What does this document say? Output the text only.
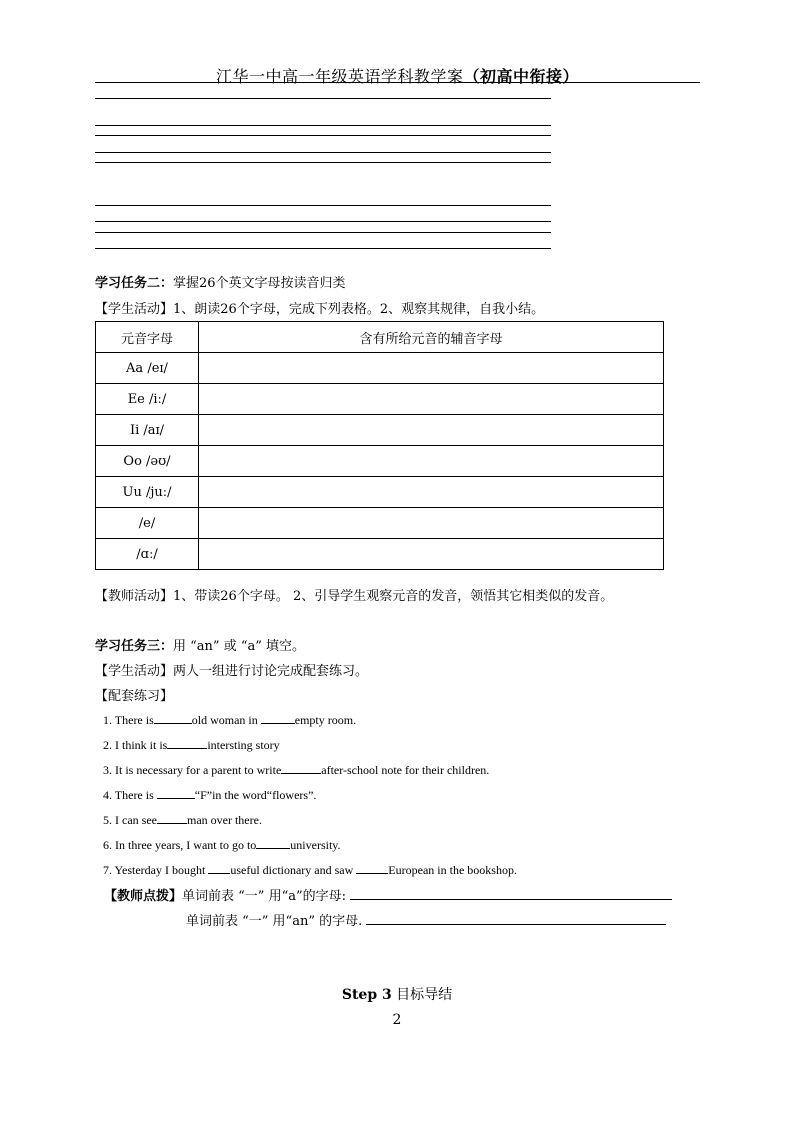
江华一中高一年级英语学科教学案（初高中衔接）
学习任务二：掌握26个英文字母按读音归类
【学生活动】1、朗读26个字母，完成下列表格。2、观察其规律，自我小结。
元音字母	含有所给元音的辅音字母
Aa /eɪ/	
Ee /iː/	
Ii /aɪ/	
Oo /əʊ/	
Uu /juː/	
/e/	
/ɑː/	
【教师活动】1、带读26个字母。 2、引导学生观察元音的发音，领悟其它相类似的发音。
学习任务三：用 “an” 或 “a” 填空。
【学生活动】两人一组进行讨论完成配套练习。
【配套练习】
1. There is	old woman in	empty room.
2. I think it is	intersting story
3. It is necessary for a parent to write	after-school note for their children.
4. There is	“F”in the word“flowers”.
5. I can see	man over there.
6. In three years, I want to go to	university.
7. Yesterday I bought useful dictionary and saw	European in the bookshop.
【教师点拨】单词前表 “一” 用“a”的字母:
单词前表 “一” 用“an” 的字母.
Step 3 目标导结
2
